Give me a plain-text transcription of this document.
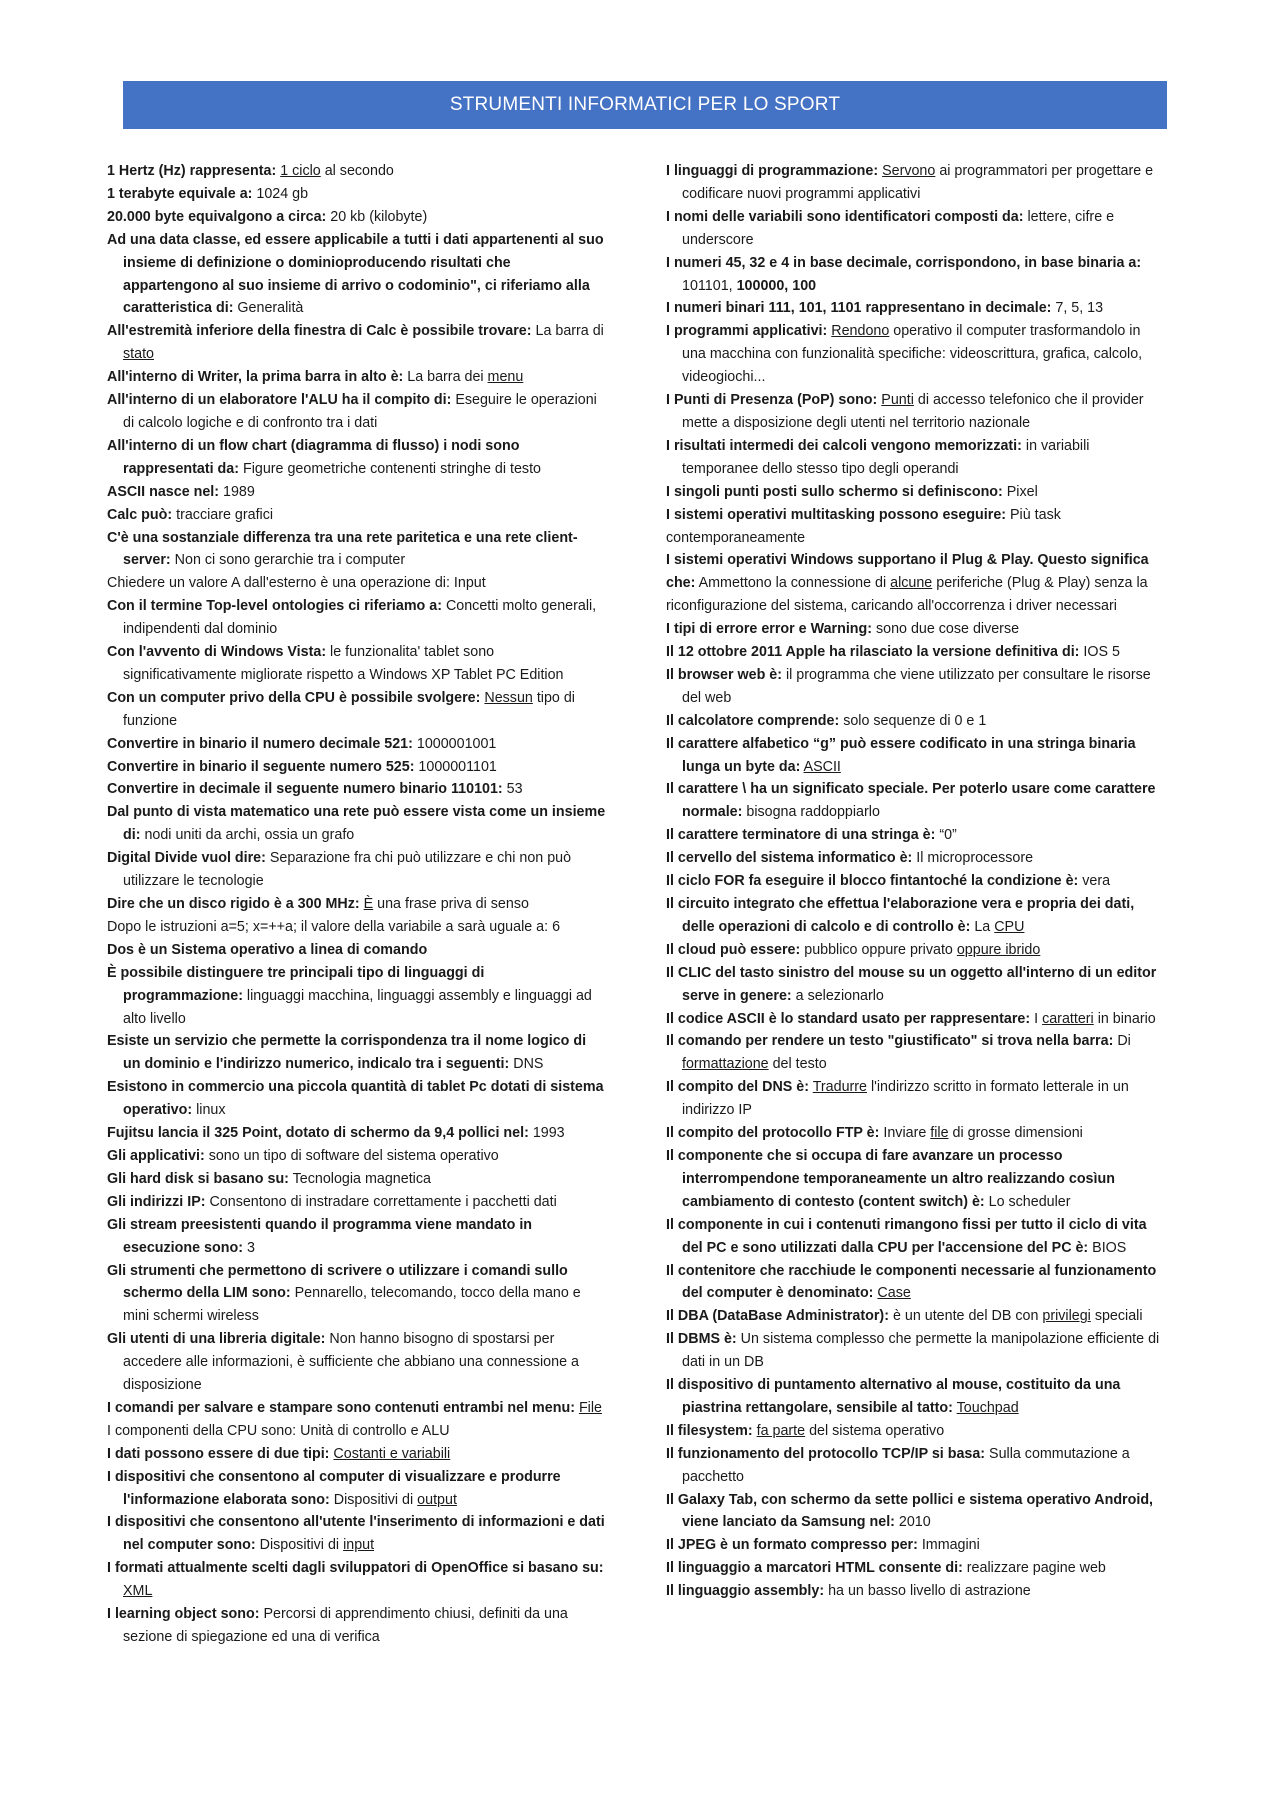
STRUMENTI INFORMATICI PER LO SPORT

1 Hertz (Hz) rappresenta: 1 ciclo al secondo

1 terabyte equivale a: 1024 gb

20.000 byte equivalgono a circa: 20 kb (kilobyte)

Ad una data classe, ed essere applicabile a tutti i dati appartenenti al suo insieme di definizione o dominioproducendo risultati che appartengono al suo insieme di arrivo o codominio", ci riferiamo alla caratteristica di: Generalità

All'estremità inferiore della finestra di Calc è possibile trovare: La barra di stato

All'interno di Writer, la prima barra in alto è: La barra dei menu

All'interno di un elaboratore l'ALU ha il compito di: Eseguire le operazioni di calcolo logiche e di confronto tra i dati

All'interno di un flow chart (diagramma di flusso) i nodi sono rappresentati da: Figure geometriche contenenti stringhe di testo

ASCII nasce nel: 1989

Calc può: tracciare grafici

C'è una sostanziale differenza tra una rete paritetica e una rete client-server: Non ci sono gerarchie tra i computer

Chiedere un valore A dall'esterno è una operazione di: Input

Con il termine Top-level ontologies ci riferiamo a: Concetti molto generali, indipendenti dal dominio

Con l'avvento di Windows Vista: le funzionalita' tablet sono significativamente migliorate rispetto a Windows XP Tablet PC Edition

Con un computer privo della CPU è possibile svolgere: Nessun tipo di funzione

Convertire in binario il numero decimale 521: 1000001001

Convertire in binario il seguente numero 525: 1000001101

Convertire in decimale il seguente numero binario 110101: 53

Dal punto di vista matematico una rete può essere vista come un insieme di: nodi uniti da archi, ossia un grafo

Digital Divide vuol dire: Separazione fra chi può utilizzare e chi non può utilizzare le tecnologie

Dire che un disco rigido è a 300 MHz: È una frase priva di senso

Dopo le istruzioni a=5; x=++a; il valore della variabile a sarà uguale a: 6

Dos è un Sistema operativo a linea di comando

È possibile distinguere tre principali tipo di linguaggi di programmazione: linguaggi macchina, linguaggi assembly e linguaggi ad alto livello

Esiste un servizio che permette la corrispondenza tra il nome logico di un dominio e l'indirizzo numerico, indicalo tra i seguenti: DNS

Esistono in commercio una piccola quantità di tablet Pc dotati di sistema operativo: linux

Fujitsu lancia il 325 Point, dotato di schermo da 9,4 pollici nel: 1993

Gli applicativi: sono un tipo di software del sistema operativo

Gli hard disk si basano su: Tecnologia magnetica

Gli indirizzi IP: Consentono di instradare correttamente i pacchetti dati

Gli stream preesistenti quando il programma viene mandato in esecuzione sono: 3

Gli strumenti che permettono di scrivere o utilizzare i comandi sullo schermo della LIM sono: Pennarello, telecomando, tocco della mano e mini schermi wireless

Gli utenti di una libreria digitale: Non hanno bisogno di spostarsi per accedere alle informazioni, è sufficiente che abbiano una connessione a disposizione

I comandi per salvare e stampare sono contenuti entrambi nel menu: File

I componenti della CPU sono: Unità di controllo e ALU

I dati possono essere di due tipi: Costanti e variabili

I dispositivi che consentono al computer di visualizzare e produrre l'informazione elaborata sono: Dispositivi di output

I dispositivi che consentono all'utente l'inserimento di informazioni e dati nel computer sono: Dispositivi di input

I formati attualmente scelti dagli sviluppatori di OpenOffice si basano su: XML

I learning object sono: Percorsi di apprendimento chiusi, definiti da una sezione di spiegazione ed una di verifica

I linguaggi di programmazione: Servono ai programmatori per progettare e codificare nuovi programmi applicativi

I nomi delle variabili sono identificatori composti da: lettere, cifre e underscore

I numeri 45, 32 e 4 in base decimale, corrispondono, in base binaria a: 101101, 100000, 100

I numeri binari 111, 101, 1101 rappresentano in decimale: 7, 5, 13

I programmi applicativi: Rendono operativo il computer trasformandolo in una macchina con funzionalità specifiche: videoscrittura, grafica, calcolo, videogiochi...

I Punti di Presenza (PoP) sono: Punti di accesso telefonico che il provider mette a disposizione degli utenti nel territorio nazionale

I risultati intermedi dei calcoli vengono memorizzati: in variabili temporanee dello stesso tipo degli operandi

I singoli punti posti sullo schermo si definiscono: Pixel

I sistemi operativi multitasking possono eseguire: Più task contemporaneamente

I sistemi operativi Windows supportano il Plug & Play. Questo significa che: Ammettono la connessione di alcune periferiche (Plug & Play) senza la riconfigurazione del sistema, caricando all'occorrenza i driver necessari

I tipi di errore error e Warning: sono due cose diverse

Il 12 ottobre 2011 Apple ha rilasciato la versione definitiva di: IOS 5

Il browser web è: il programma che viene utilizzato per consultare le risorse del web

Il calcolatore comprende: solo sequenze di 0 e 1

Il carattere alfabetico “g” può essere codificato in una stringa binaria lunga un byte da: ASCII

Il carattere \ ha un significato speciale. Per poterlo usare come carattere normale: bisogna raddoppiarlo

Il carattere terminatore di una stringa è: “0”

Il cervello del sistema informatico è: Il microprocessore

Il ciclo FOR fa eseguire il blocco fintantoché la condizione è: vera

Il circuito integrato che effettua l'elaborazione vera e propria dei dati, delle operazioni di calcolo e di controllo è: La CPU

Il cloud può essere: pubblico oppure privato oppure ibrido

Il CLIC del tasto sinistro del mouse su un oggetto all'interno di un editor serve in genere: a selezionarlo

Il codice ASCII è lo standard usato per rappresentare: I caratteri in binario

Il comando per rendere un testo "giustificato" si trova nella barra: Di formattazione del testo

Il compito del DNS è: Tradurre l'indirizzo scritto in formato letterale in un indirizzo IP

Il compito del protocollo FTP è: Inviare file di grosse dimensioni

Il componente che si occupa di fare avanzare un processo interrompendone temporaneamente un altro realizzando cosìun cambiamento di contesto (content switch) è: Lo scheduler

Il componente in cui i contenuti rimangono fissi per tutto il ciclo di vita del PC e sono utilizzati dalla CPU per l'accensione del PC è: BIOS

Il contenitore che racchiude le componenti necessarie al funzionamento del computer è denominato: Case

Il DBA (DataBase Administrator): è un utente del DB con privilegi speciali

Il DBMS è: Un sistema complesso che permette la manipolazione efficiente di dati in un DB

Il dispositivo di puntamento alternativo al mouse, costituito da una piastrina rettangolare, sensibile al tatto: Touchpad

Il filesystem: fa parte del sistema operativo

Il funzionamento del protocollo TCP/IP si basa: Sulla commutazione a pacchetto

Il Galaxy Tab, con schermo da sette pollici e sistema operativo Android, viene lanciato da Samsung nel: 2010

Il JPEG è un formato compresso per: Immagini

Il linguaggio a marcatori HTML consente di: realizzare pagine web

Il linguaggio assembly: ha un basso livello di astrazione
